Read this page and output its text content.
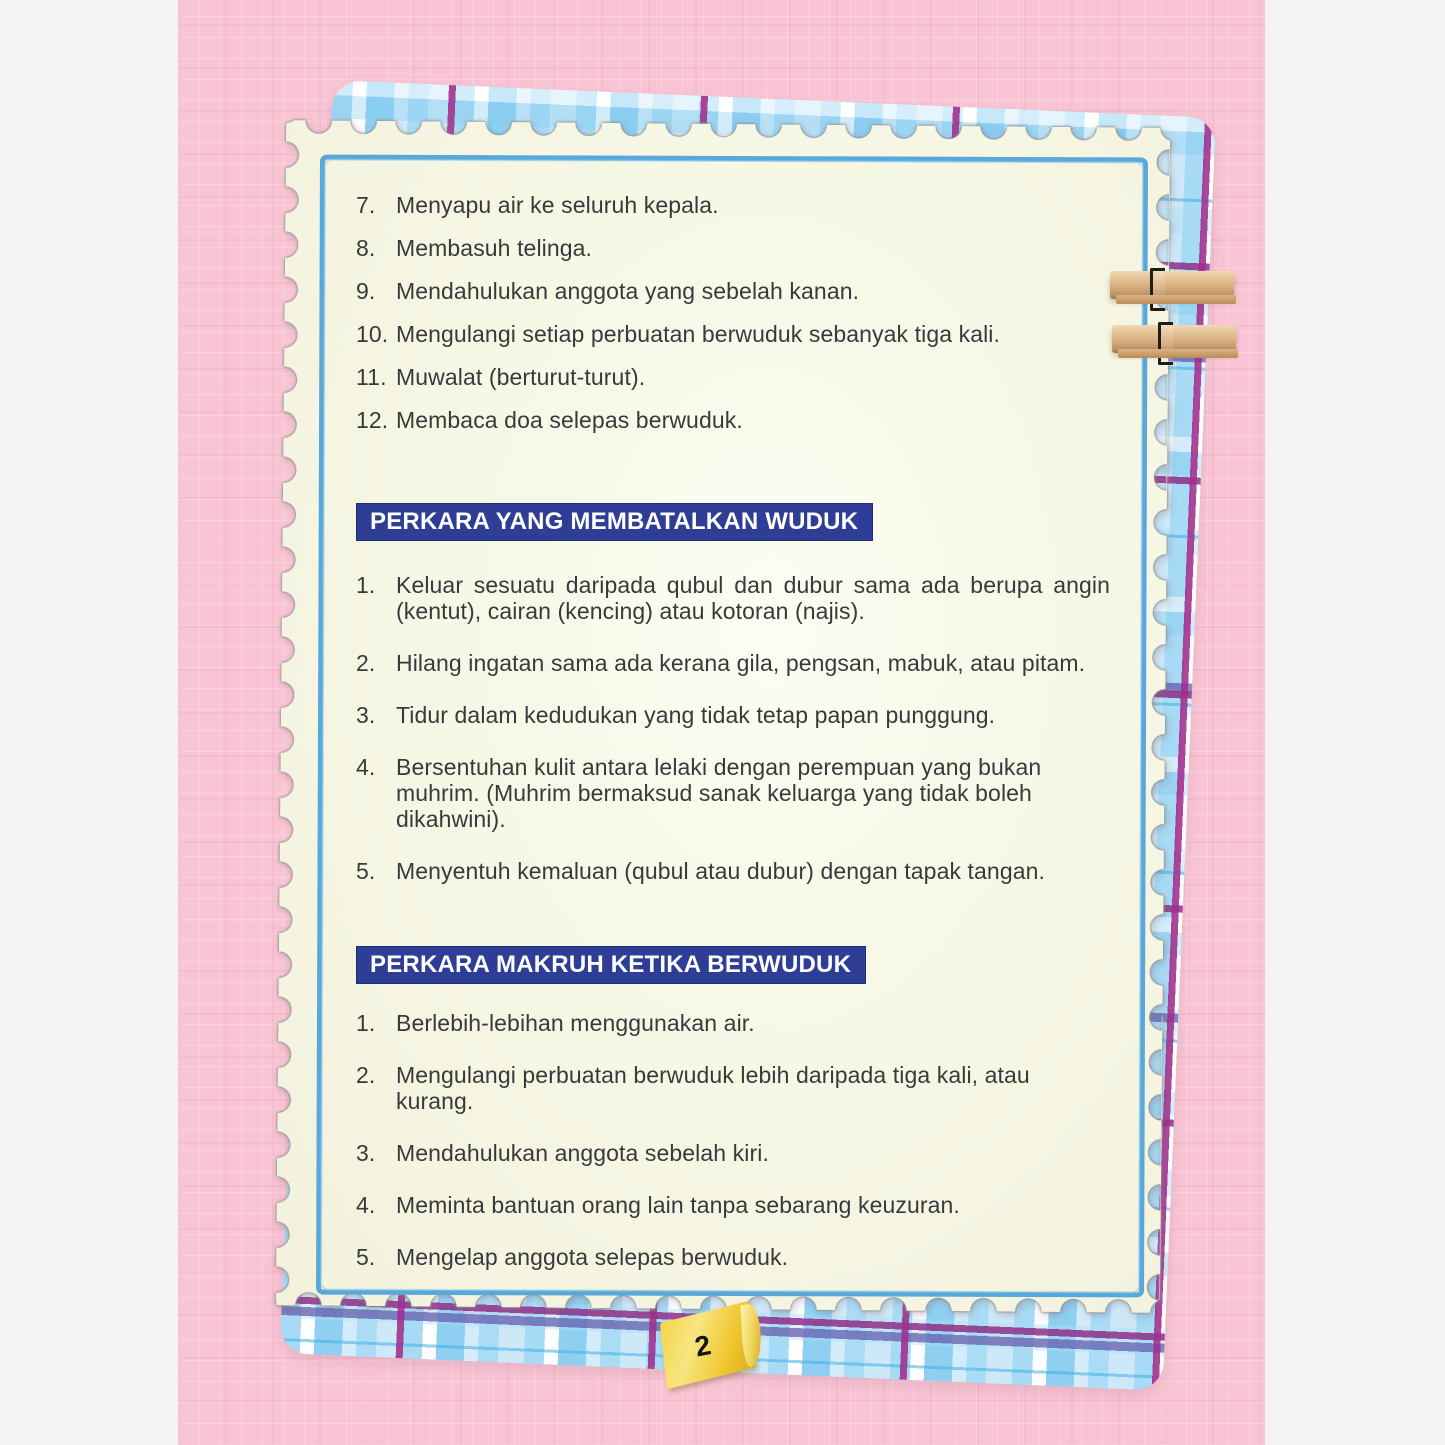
7. Menyapu air ke seluruh kepala.
8. Membasuh telinga.
9. Mendahulukan anggota yang sebelah kanan.
10. Mengulangi setiap perbuatan berwuduk sebanyak tiga kali.
11. Muwalat (berturut-turut).
12. Membaca doa selepas berwuduk.
PERKARA YANG MEMBATALKAN WUDUK
1. Keluar sesuatu daripada qubul dan dubur sama ada berupa angin (kentut), cairan (kencing) atau kotoran (najis).
2. Hilang ingatan sama ada kerana gila, pengsan, mabuk, atau pitam.
3. Tidur dalam kedudukan yang tidak tetap papan punggung.
4. Bersentuhan kulit antara lelaki dengan perempuan yang bukan muhrim. (Muhrim bermaksud sanak keluarga yang tidak boleh dikahwini).
5. Menyentuh kemaluan (qubul atau dubur) dengan tapak tangan.
PERKARA MAKRUH KETIKA BERWUDUK
1. Berlebih-lebihan menggunakan air.
2. Mengulangi perbuatan berwuduk lebih daripada tiga kali, atau kurang.
3. Mendahulukan anggota sebelah kiri.
4. Meminta bantuan orang lain tanpa sebarang keuzuran.
5. Mengelap anggota selepas berwuduk.
2
